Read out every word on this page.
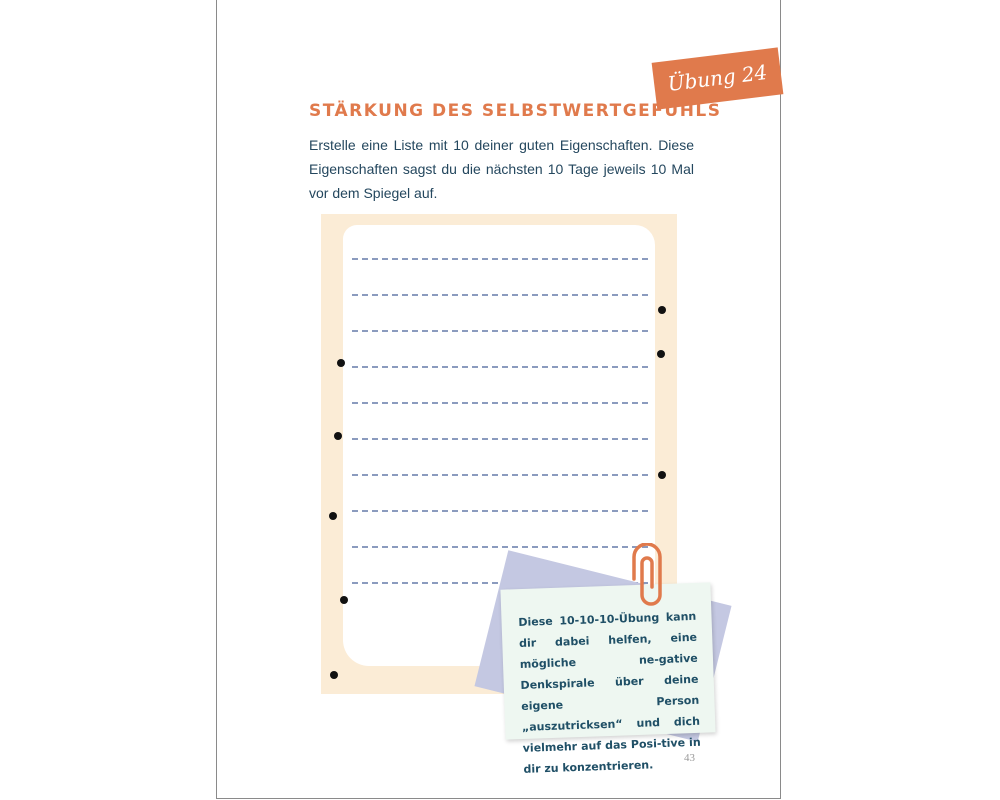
Übung 24
STÄRKUNG DES SELBSTWERTGEFÜHLS

Erstelle eine Liste mit 10 deiner guten Eigenschaften. Diese Eigenschaften sagst du die nächsten 10 Tage jeweils 10 Mal vor dem Spiegel auf.

Diese 10-10-10-Übung kann dir dabei helfen, eine mögliche ne-gative Denkspirale über deine eigene Person „auszutricksen“ und dich vielmehr auf das Posi-tive in dir zu konzentrieren.

43
